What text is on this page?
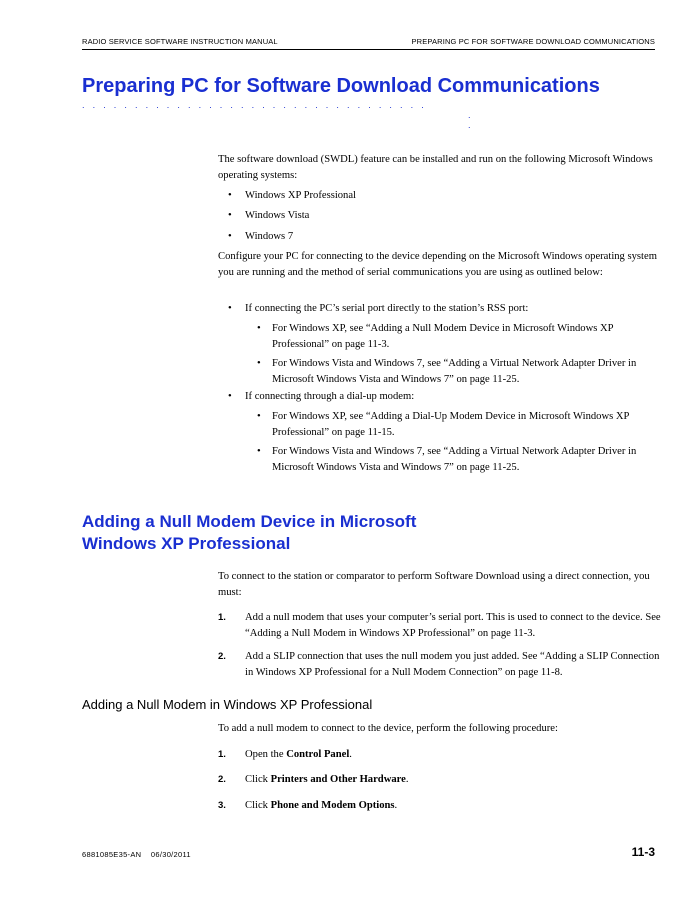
RADIO SERVICE SOFTWARE INSTRUCTION MANUAL	PREPARING PC FOR SOFTWARE DOWNLOAD COMMUNICATIONS
Preparing PC for Software Download Communications
.................................
.
.
The software download (SWDL) feature can be installed and run on the following Microsoft Windows operating systems:
• Windows XP Professional
• Windows Vista
• Windows 7
Configure your PC for connecting to the device depending on the Microsoft Windows operating system you are running and the method of serial communications you are using as outlined below:
• If connecting the PC’s serial port directly to the station’s RSS port:
• For Windows XP, see “Adding a Null Modem Device in Microsoft Windows XP Professional” on page 11-3.
• For Windows Vista and Windows 7, see “Adding a Virtual Network Adapter Driver in Microsoft Windows Vista and Windows 7” on page 11-25.
• If connecting through a dial-up modem:
• For Windows XP, see “Adding a Dial-Up Modem Device in Microsoft Windows XP Professional” on page 11-15.
• For Windows Vista and Windows 7, see “Adding a Virtual Network Adapter Driver in Microsoft Windows Vista and Windows 7” on page 11-25.
Adding a Null Modem Device in Microsoft
Windows XP Professional
To connect to the station or comparator to perform Software Download using a direct connection, you must:
1. Add a null modem that uses your computer’s serial port. This is used to connect to the device. See “Adding a Null Modem in Windows XP Professional” on page 11-3.
2. Add a SLIP connection that uses the null modem you just added. See “Adding a SLIP Connection in Windows XP Professional for a Null Modem Connection” on page 11-8.
Adding a Null Modem in Windows XP Professional
To add a null modem to connect to the device, perform the following procedure:
1. Open the Control Panel.
2. Click Printers and Other Hardware.
3. Click Phone and Modem Options.
6881085E35-AN    06/30/2011	11-3
